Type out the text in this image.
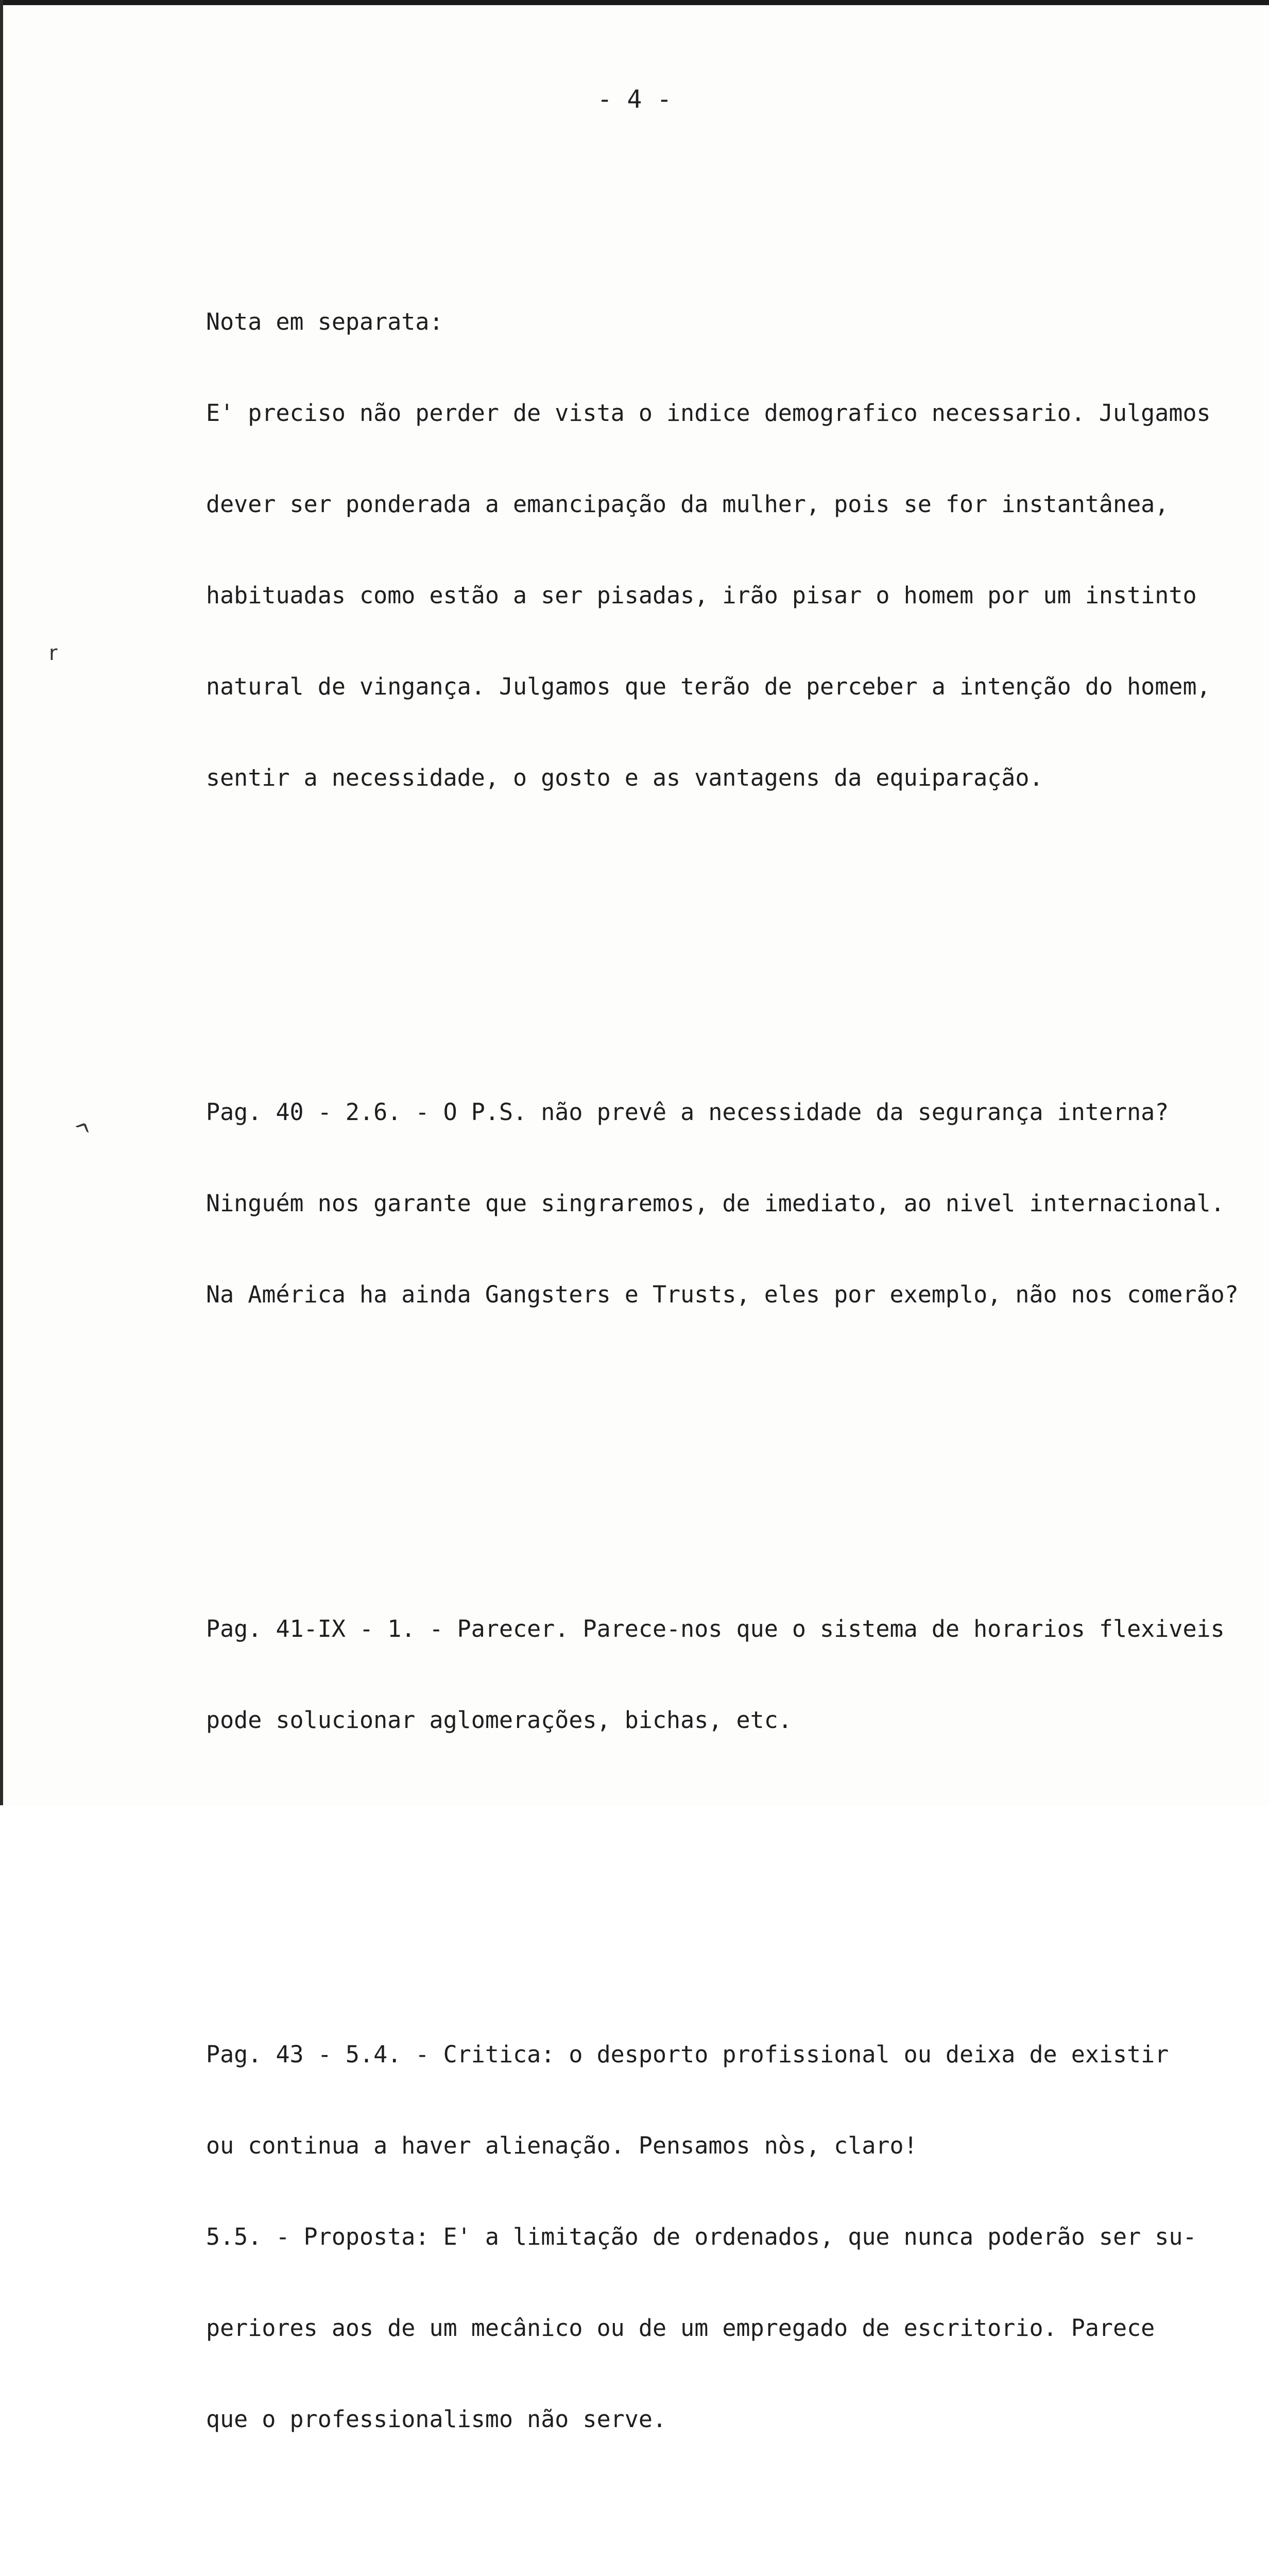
- 4 -
r
^

Nota em separata:

E' preciso não perder de vista o indice demografico necessario. Julgamos

dever ser ponderada a emancipação da mulher, pois se for instantânea,

habituadas como estão a ser pisadas, irão pisar o homem por um instinto

natural de vingança. Julgamos que terão de perceber a intenção do homem,

sentir a necessidade, o gosto e as vantagens da equiparação.

Pag. 40 - 2.6. - O P.S. não prevê a necessidade da segurança interna?

Ninguém nos garante que singraremos, de imediato, ao nivel internacional.

Na América ha ainda Gangsters e Trusts, eles por exemplo, não nos comerão?

Pag. 41-IX - 1. - Parecer. Parece-nos que o sistema de horarios flexiveis

pode solucionar aglomerações, bichas, etc.

Pag. 43 - 5.4. - Critica: o desporto profissional ou deixa de existir

ou continua a haver alienação. Pensamos nòs, claro!

5.5. - Proposta: E' a limitação de ordenados, que nunca poderão ser su-

periores aos de um mecânico ou de um empregado de escritorio. Parece

que o professionalismo não serve.
